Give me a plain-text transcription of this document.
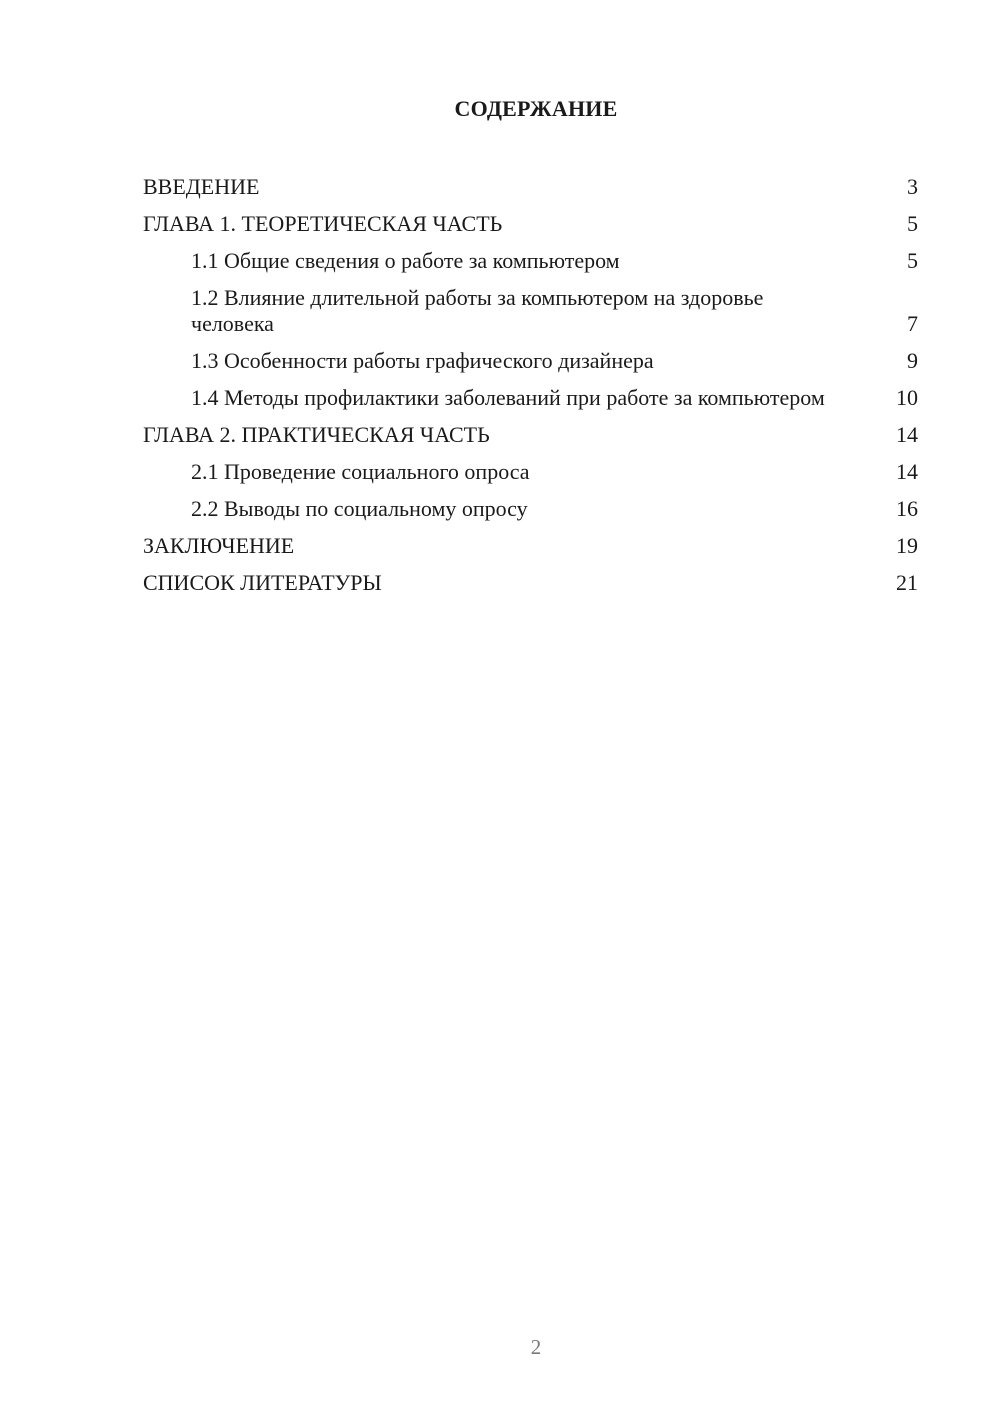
СОДЕРЖАНИЕ
ВВЕДЕНИЕ	3
ГЛАВА 1. ТЕОРЕТИЧЕСКАЯ ЧАСТЬ	5
1.1 Общие сведения о работе за компьютером	5
1.2 Влияние длительной работы за компьютером на здоровье человека	7
1.3 Особенности работы графического дизайнера	9
1.4 Методы профилактики заболеваний при работе за компьютером	10
ГЛАВА 2. ПРАКТИЧЕСКАЯ ЧАСТЬ	14
2.1 Проведение социального опроса	14
2.2 Выводы по социальному опросу	16
ЗАКЛЮЧЕНИЕ	19
СПИСОК ЛИТЕРАТУРЫ	21
2
